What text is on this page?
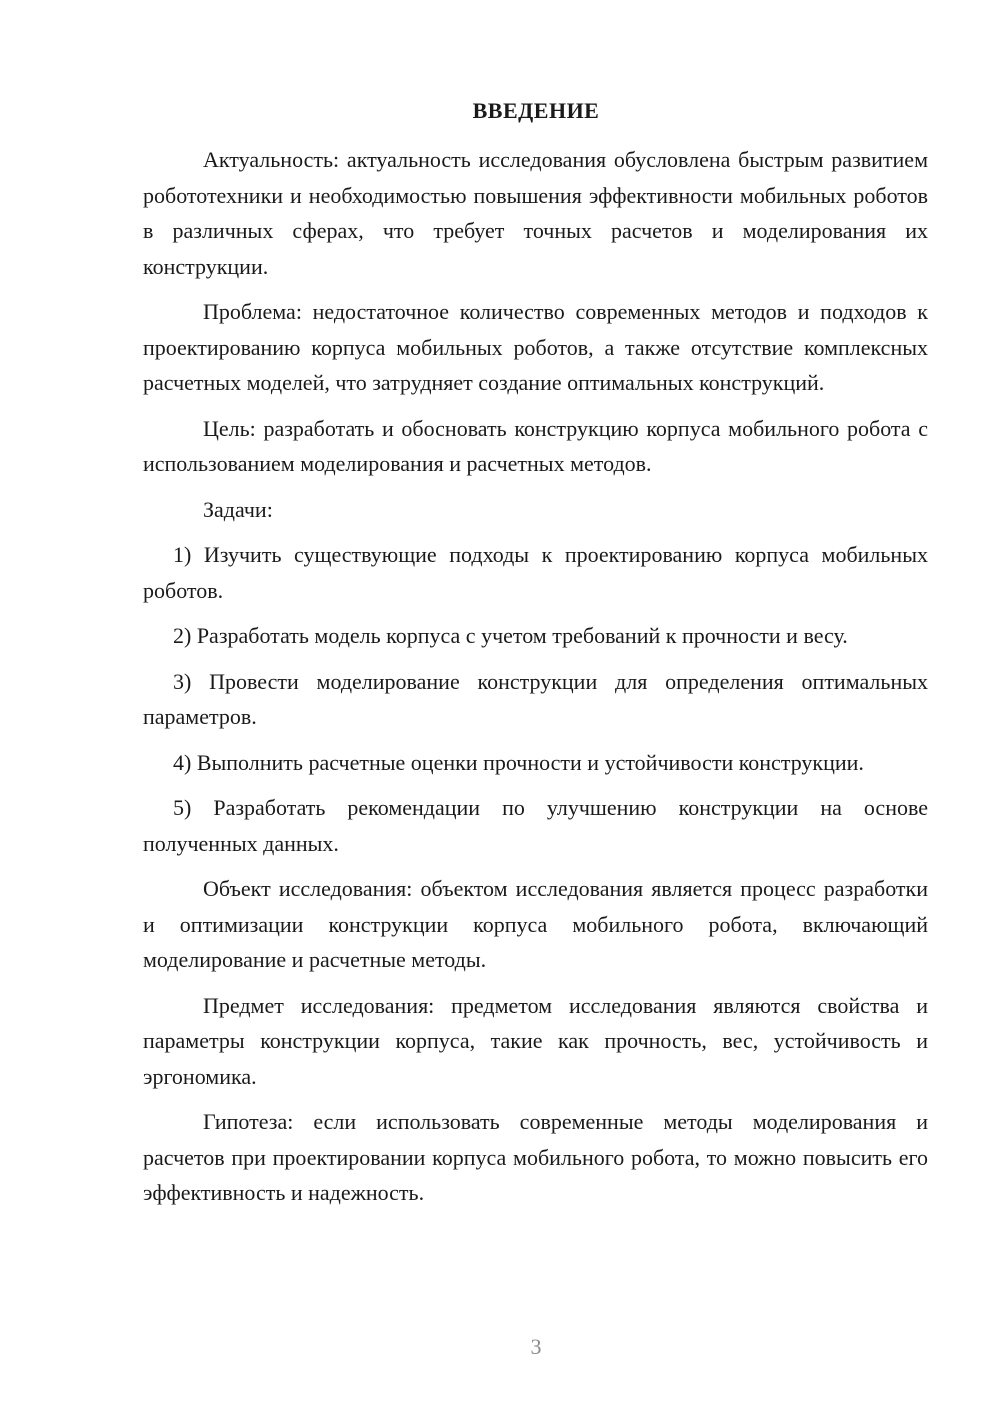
ВВЕДЕНИЕ

Актуальность: актуальность исследования обусловлена быстрым развитием робототехники и необходимостью повышения эффективности мобильных роботов в различных сферах, что требует точных расчетов и моделирования их конструкции.

Проблема: недостаточное количество современных методов и подходов к проектированию корпуса мобильных роботов, а также отсутствие комплексных расчетных моделей, что затрудняет создание оптимальных конструкций.

Цель: разработать и обосновать конструкцию корпуса мобильного робота с использованием моделирования и расчетных методов.

Задачи:

1) Изучить существующие подходы к проектированию корпуса мобильных роботов.

2) Разработать модель корпуса с учетом требований к прочности и весу.

3) Провести моделирование конструкции для определения оптимальных параметров.

4) Выполнить расчетные оценки прочности и устойчивости конструкции.

5) Разработать рекомендации по улучшению конструкции на основе полученных данных.

Объект исследования: объектом исследования является процесс разработки и оптимизации конструкции корпуса мобильного робота, включающий моделирование и расчетные методы.

Предмет исследования: предметом исследования являются свойства и параметры конструкции корпуса, такие как прочность, вес, устойчивость и эргономика.

Гипотеза: если использовать современные методы моделирования и расчетов при проектировании корпуса мобильного робота, то можно повысить его эффективность и надежность.

3
